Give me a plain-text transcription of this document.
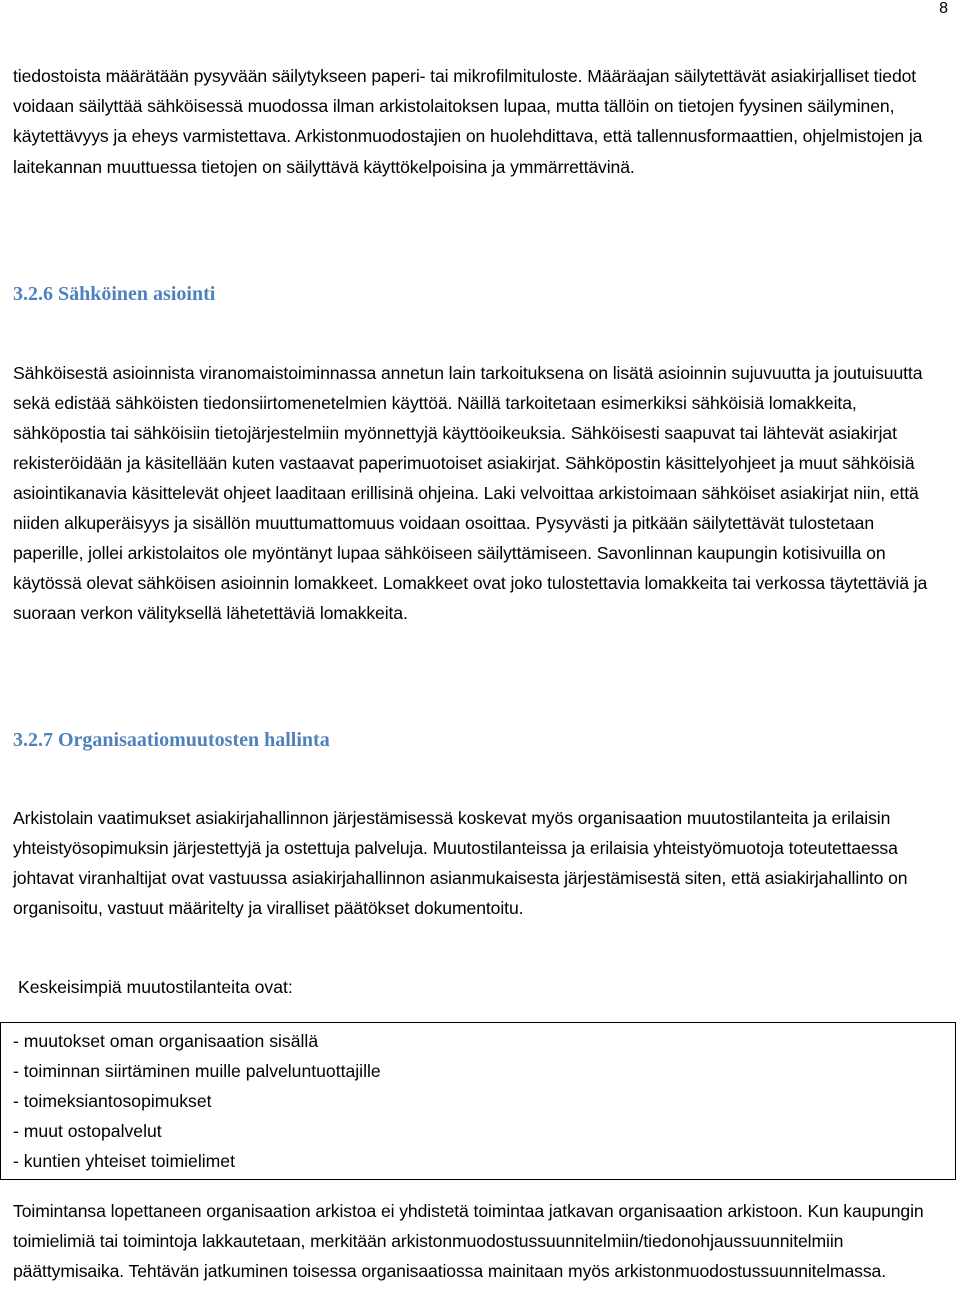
8

tiedostoista määrätään pysyvään säilytykseen paperi- tai mikrofilmituloste. Määräajan säilytettävät asiakirjalliset tiedot voidaan säilyttää sähköisessä muodossa ilman arkistolaitoksen lupaa, mutta tällöin on tietojen fyysinen säilyminen, käytettävyys ja eheys varmistettava. Arkistonmuodostajien on huolehdittava, että tallennusformaattien, ohjelmistojen ja laitekannan muuttuessa tietojen on säilyttävä käyttökelpoisina ja ymmärrettävinä.

3.2.6 Sähköinen asiointi

Sähköisestä asioinnista viranomaistoiminnassa annetun lain tarkoituksena on lisätä asioinnin sujuvuutta ja joutuisuutta sekä edistää sähköisten tiedonsiirtomenetelmien käyttöä. Näillä tarkoitetaan esimerkiksi sähköisiä lomakkeita, sähköpostia tai sähköisiin tietojärjestelmiin myönnettyjä käyttöoikeuksia. Sähköisesti saapuvat tai lähtevät asiakirjat rekisteröidään ja käsitellään kuten vastaavat paperimuotoiset asiakirjat. Sähköpostin käsittelyohjeet ja muut sähköisiä asiointikanavia käsittelevät ohjeet laaditaan erillisinä ohjeina. Laki velvoittaa arkistoimaan sähköiset asiakirjat niin, että niiden alkuperäisyys ja sisällön muuttumattomuus voidaan osoittaa. Pysyvästi ja pitkään säilytettävät tulostetaan paperille, jollei arkistolaitos ole myöntänyt lupaa sähköiseen säilyttämiseen. Savonlinnan kaupungin kotisivuilla on käytössä olevat sähköisen asioinnin lomakkeet. Lomakkeet ovat joko tulostettavia lomakkeita tai verkossa täytettäviä ja suoraan verkon välityksellä lähetettäviä lomakkeita.

3.2.7 Organisaatiomuutosten hallinta

Arkistolain vaatimukset asiakirjahallinnon järjestämisessä koskevat myös organisaation muutostilanteita ja erilaisin yhteistyösopimuksin järjestettyjä ja ostettuja palveluja. Muutostilanteissa ja erilaisia yhteistyömuotoja toteutettaessa johtavat viranhaltijat ovat vastuussa asiakirjahallinnon asianmukaisesta järjestämisestä siten, että asiakirjahallinto on organisoitu, vastuut määritelty ja viralliset päätökset dokumentoitu.

Keskeisimpiä muutostilanteita ovat:

- muutokset oman organisaation sisällä
- toiminnan siirtäminen muille palveluntuottajille
- toimeksiantosopimukset
- muut ostopalvelut
- kuntien yhteiset toimielimet

Toimintansa lopettaneen organisaation arkistoa ei yhdistetä toimintaa jatkavan organisaation arkistoon. Kun kaupungin toimielimiä tai toimintoja lakkautetaan, merkitään arkistonmuodostussuunnitelmiin/tiedonohjaussuunnitelmiin päättymisaika. Tehtävän jatkuminen toisessa organisaatiossa mainitaan myös arkistonmuodostussuunnitelmassa.
